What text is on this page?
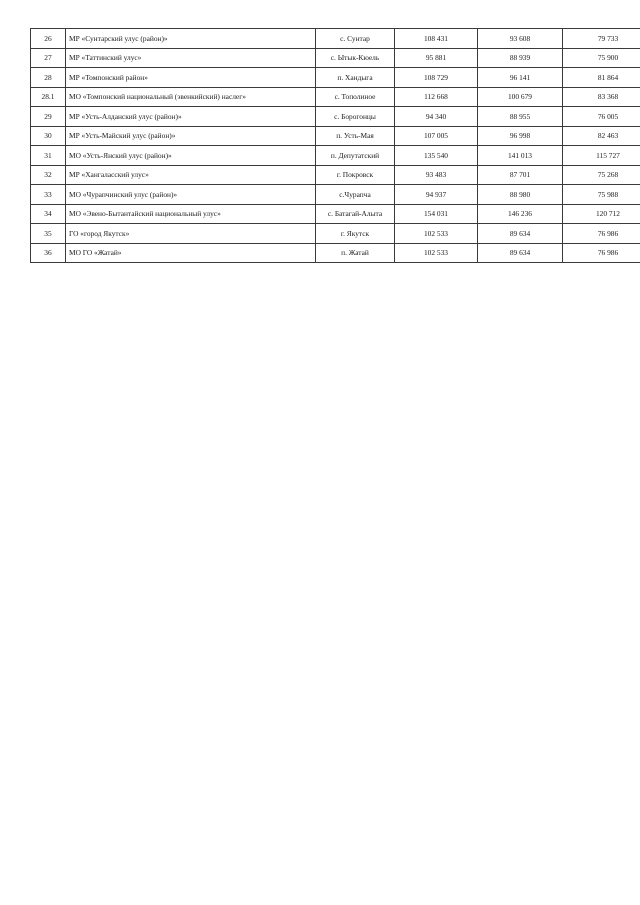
26	МР «Сунтарский улус (район)»	с. Сунтар	108 431	93 608	79 733
27	МР «Таттинский улус»	с. Ытык-Кюель	95 881	88 939	75 900
28	МР «Томпонский район»	п. Хандыга	108 729	96 141	81 864
28.1	МО «Томпонский национальный (эвенкийский) наслег»	с. Тополиное	112 668	100 679	83 368
29	МР «Усть-Алданский улус (район)»	с. Борогонцы	94 340	88 955	76 005
30	МР «Усть-Майский улус (район)»	п. Усть-Мая	107 005	96 998	82 463
31	МО «Усть-Янский улус (район)»	п. Депутатский	135 540	141 013	115 727
32	МР «Хангаласский улус»	г. Покровск	93 483	87 701	75 268
33	МО «Чурапчинский улус (район)»	с.Чурапча	94 937	88 980	75 988
34	МО «Эвено-Бытантайский национальный улус»	с. Батагай-Алыта	154 031	146 236	120 712
35	ГО «город Якутск»	г. Якутск	102 533	89 634	76 986
36	МО ГО «Жатай»	п. Жатай	102 533	89 634	76 986
